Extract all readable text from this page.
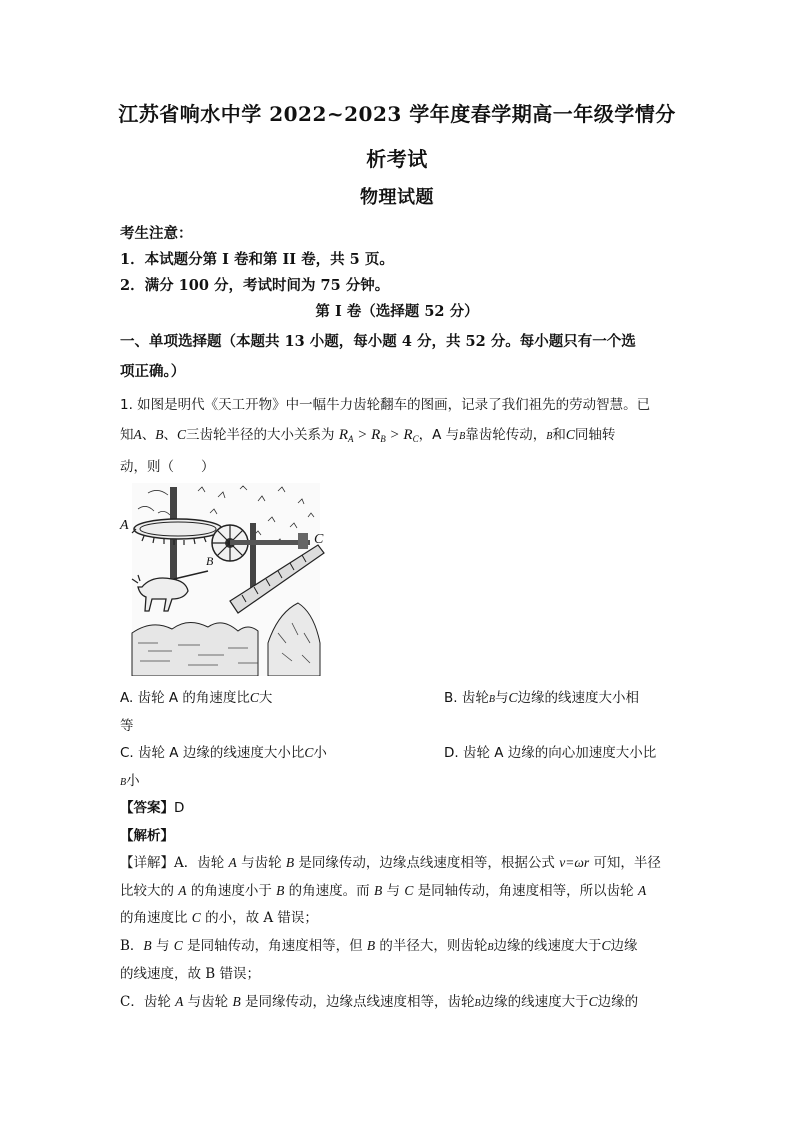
江苏省响水中学 2022~2023 学年度春学期高一年级学情分
析考试
物理试题
考生注意：
1．本试题分第 I 卷和第 II 卷，共 5 页。
2．满分 100 分，考试时间为 75 分钟。
第 I 卷（选择题 52 分）
一、单项选择题（本题共 13 小题，每小题 4 分，共 52 分。每小题只有一个选
项正确。）
1. 如图是明代《天工开物》中一幅牛力齿轮翻车的图画，记录了我们祖先的劳动智慧。已
知A、B、C三齿轮半径的大小关系为 $R_A > R_B > R_C$，A 与B靠齿轮传动，B和C同轴转
动，则（　　）
A
B
C
A. 齿轮 A 的角速度比C大	B. 齿轮B与C边缘的线速度大小相
等
C. 齿轮 A 边缘的线速度大小比C小	D. 齿轮 A 边缘的向心加速度大小比
B小
【答案】D
【解析】
【详解】A．齿轮 A 与齿轮 B 是同缘传动，边缘点线速度相等，根据公式 v=ωr 可知，半径
比较大的 A 的角速度小于 B 的角速度。而 B 与 C 是同轴传动，角速度相等，所以齿轮 A
的角速度比 C 的小，故 A 错误；
B．B 与 C 是同轴传动，角速度相等，但 B 的半径大，则齿轮B边缘的线速度大于C边缘
的线速度，故 B 错误；
C．齿轮 A 与齿轮 B 是同缘传动，边缘点线速度相等，齿轮B边缘的线速度大于C边缘的
